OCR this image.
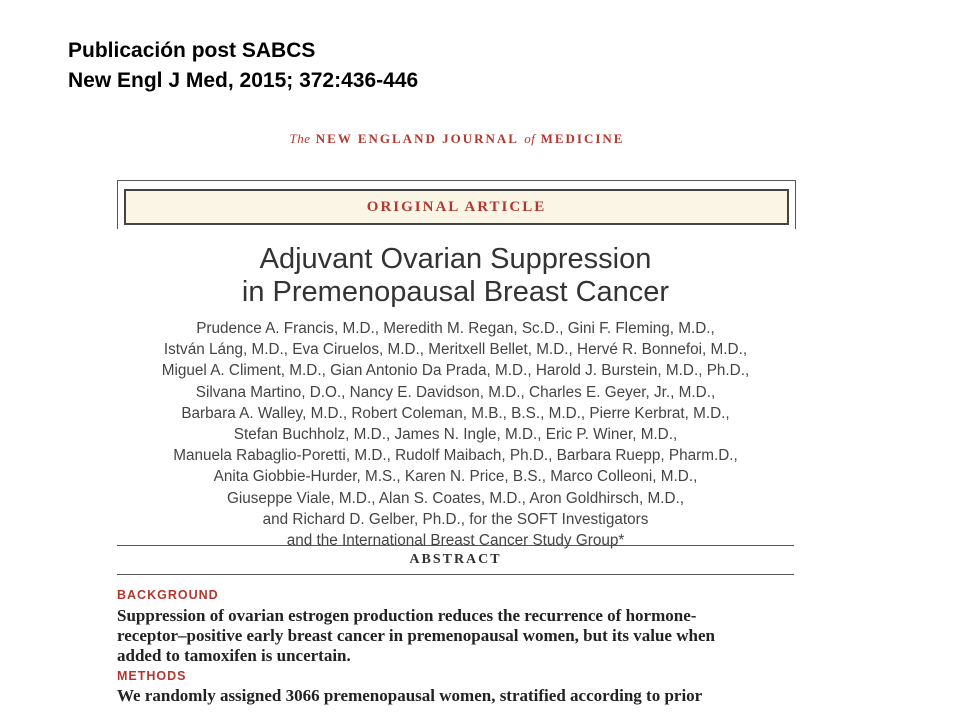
Publicación post SABCS
New Engl J Med, 2015; 372:436-446
The NEW ENGLAND JOURNAL of MEDICINE
ORIGINAL ARTICLE
Adjuvant Ovarian Suppression
in Premenopausal Breast Cancer
Prudence A. Francis, M.D., Meredith M. Regan, Sc.D., Gini F. Fleming, M.D.,
István Láng, M.D., Eva Ciruelos, M.D., Meritxell Bellet, M.D., Hervé R. Bonnefoi, M.D.,
Miguel A. Climent, M.D., Gian Antonio Da Prada, M.D., Harold J. Burstein, M.D., Ph.D.,
Silvana Martino, D.O., Nancy E. Davidson, M.D., Charles E. Geyer, Jr., M.D.,
Barbara A. Walley, M.D., Robert Coleman, M.B., B.S., M.D., Pierre Kerbrat, M.D.,
Stefan Buchholz, M.D., James N. Ingle, M.D., Eric P. Winer, M.D.,
Manuela Rabaglio-Poretti, M.D., Rudolf Maibach, Ph.D., Barbara Ruepp, Pharm.D.,
Anita Giobbie-Hurder, M.S., Karen N. Price, B.S., Marco Colleoni, M.D.,
Giuseppe Viale, M.D., Alan S. Coates, M.D., Aron Goldhirsch, M.D.,
and Richard D. Gelber, Ph.D., for the SOFT Investigators
and the International Breast Cancer Study Group*
ABSTRACT
BACKGROUND
Suppression of ovarian estrogen production reduces the recurrence of hormone-
receptor–positive early breast cancer in premenopausal women, but its value when
added to tamoxifen is uncertain.
METHODS
We randomly assigned 3066 premenopausal women, stratified according to prior
